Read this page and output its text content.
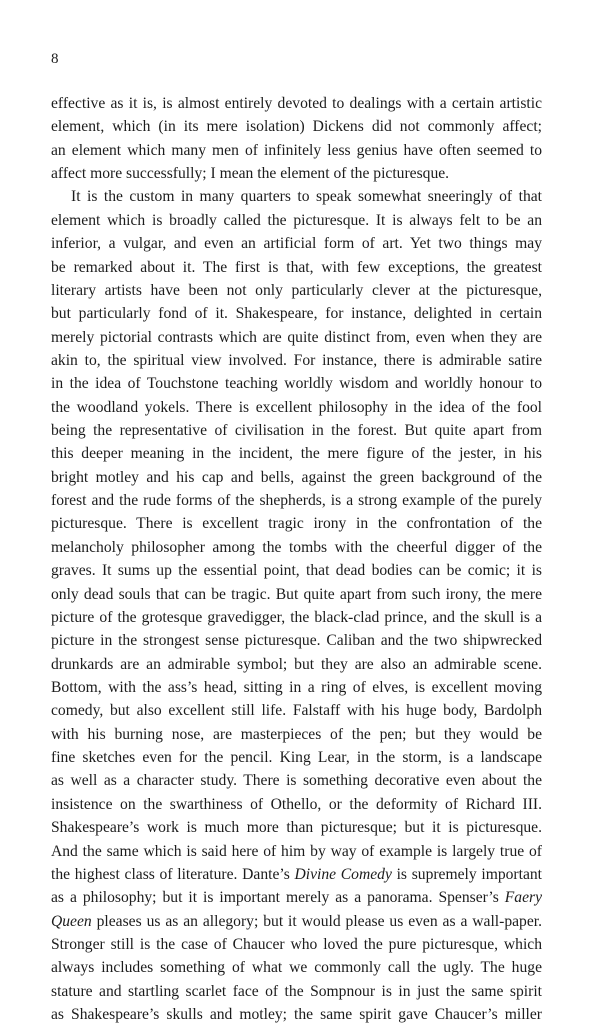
8
effective as it is, is almost entirely devoted to dealings with a certain artistic
element, which (in its mere isolation) Dickens did not commonly affect;
an element which many men of infinitely less genius have often seemed to
affect more successfully; I mean the element of the picturesque.
It is the custom in many quarters to speak somewhat sneeringly of that
element which is broadly called the picturesque. It is always felt to be an
inferior, a vulgar, and even an artificial form of art. Yet two things may
be remarked about it. The first is that, with few exceptions, the greatest
literary artists have been not only particularly clever at the picturesque,
but particularly fond of it. Shakespeare, for instance, delighted in certain
merely pictorial contrasts which are quite distinct from, even when they are
akin to, the spiritual view involved. For instance, there is admirable satire
in the idea of Touchstone teaching worldly wisdom and worldly honour to
the woodland yokels. There is excellent philosophy in the idea of the fool
being the representative of civilisation in the forest. But quite apart from
this deeper meaning in the incident, the mere figure of the jester, in his
bright motley and his cap and bells, against the green background of the
forest and the rude forms of the shepherds, is a strong example of the purely
picturesque. There is excellent tragic irony in the confrontation of the
melancholy philosopher among the tombs with the cheerful digger of the
graves. It sums up the essential point, that dead bodies can be comic; it is
only dead souls that can be tragic. But quite apart from such irony, the mere
picture of the grotesque gravedigger, the black-clad prince, and the skull is a
picture in the strongest sense picturesque. Caliban and the two shipwrecked
drunkards are an admirable symbol; but they are also an admirable scene.
Bottom, with the ass’s head, sitting in a ring of elves, is excellent moving
comedy, but also excellent still life. Falstaff with his huge body, Bardolph
with his burning nose, are masterpieces of the pen; but they would be
fine sketches even for the pencil. King Lear, in the storm, is a landscape
as well as a character study. There is something decorative even about the
insistence on the swarthiness of Othello, or the deformity of Richard III.
Shakespeare’s work is much more than picturesque; but it is picturesque.
And the same which is said here of him by way of example is largely true of
the highest class of literature. Dante’s Divine Comedy is supremely important
as a philosophy; but it is important merely as a panorama. Spenser’s Faery
Queen pleases us as an allegory; but it would please us even as a wall-paper.
Stronger still is the case of Chaucer who loved the pure picturesque, which
always includes something of what we commonly call the ugly. The huge
stature and startling scarlet face of the Sompnour is in just the same spirit
as Shakespeare’s skulls and motley; the same spirit gave Chaucer’s miller
